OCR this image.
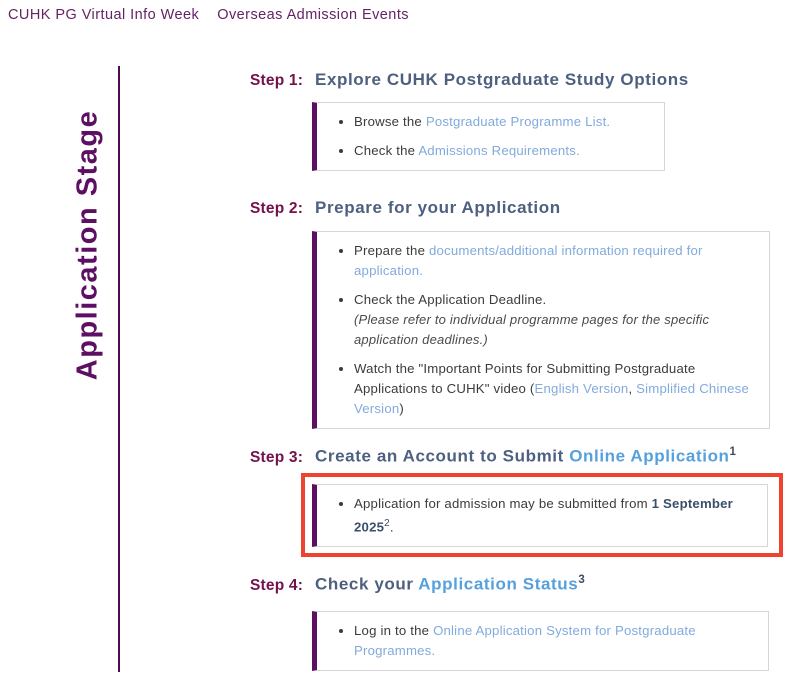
CUHK PG Virtual Info Week Overseas Admission Events
Application Stage
Step 1: Explore CUHK Postgraduate Study Options
• Browse the Postgraduate Programme List.
• Check the Admissions Requirements.
Step 2: Prepare for your Application
• Prepare the documents/additional information required for application.
• Check the Application Deadline.
(Please refer to individual programme pages for the specific application deadlines.)
• Watch the "Important Points for Submitting Postgraduate Applications to CUHK" video (English Version, Simplified Chinese Version)
Step 3: Create an Account to Submit Online Application$^1$
• Application for admission may be submitted from 1 September 2025$^2$.
Step 4: Check your Application Status$^3$
• Log in to the Online Application System for Postgraduate Programmes.
